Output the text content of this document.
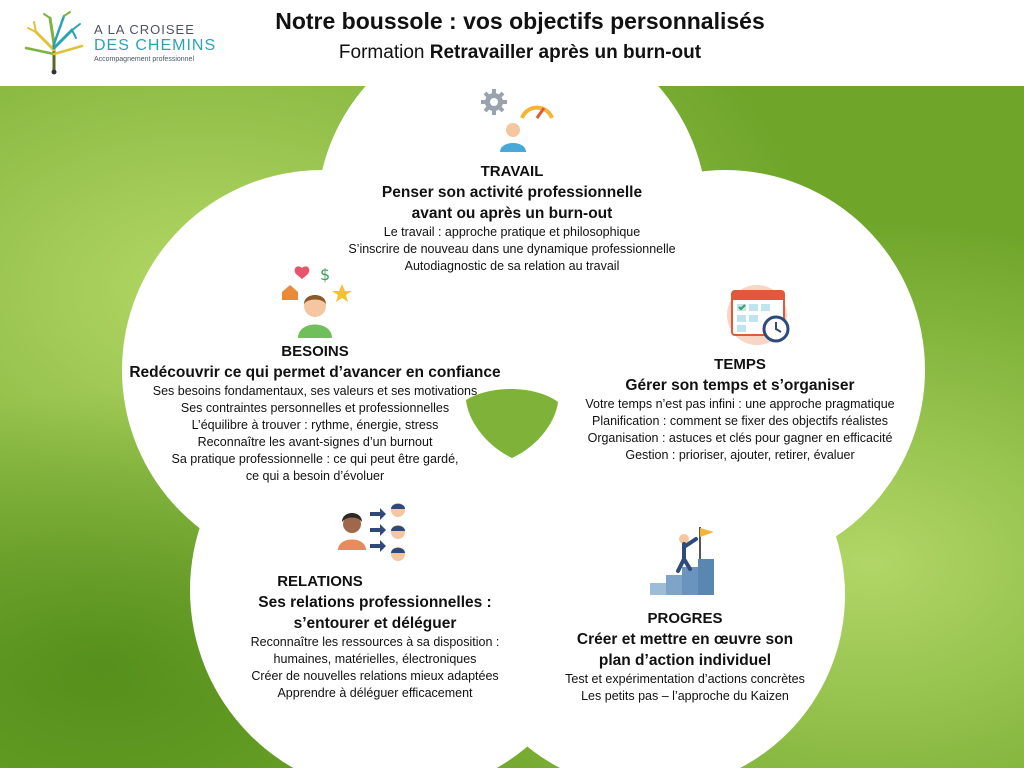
A LA CROISEE
DES CHEMINS
Accompagnement professionnel
Notre boussole : vos objectifs personnalisés
Formation Retravailler après un burn-out
TRAVAIL
Penser son activité professionnelle
avant ou après un burn-out
Le travail : approche pratique et philosophique
S’inscrire de nouveau dans une dynamique professionnelle
Autodiagnostic de sa relation au travail
$
BESOINS
Redécouvrir ce qui permet d’avancer en confiance
Ses besoins fondamentaux, ses valeurs et ses motivations
Ses contraintes personnelles et professionnelles
L’équilibre à trouver : rythme, énergie, stress
Reconnaître les avant-signes d’un burnout
Sa pratique professionnelle : ce qui peut être gardé,
ce qui a besoin d’évoluer
TEMPS
Gérer son temps et s’organiser
Votre temps n’est pas infini : une approche pragmatique
Planification : comment se fixer des objectifs réalistes
Organisation : astuces et clés pour gagner en efficacité
Gestion : prioriser, ajouter, retirer, évaluer
RELATIONS
Ses relations professionnelles :
s’entourer et déléguer
Reconnaître les ressources à sa disposition :
humaines, matérielles, électroniques
Créer de nouvelles relations mieux adaptées
Apprendre à déléguer efficacement
PROGRES
Créer et mettre en œuvre son
plan d’action individuel
Test et expérimentation d’actions concrètes
Les petits pas – l’approche du Kaizen
